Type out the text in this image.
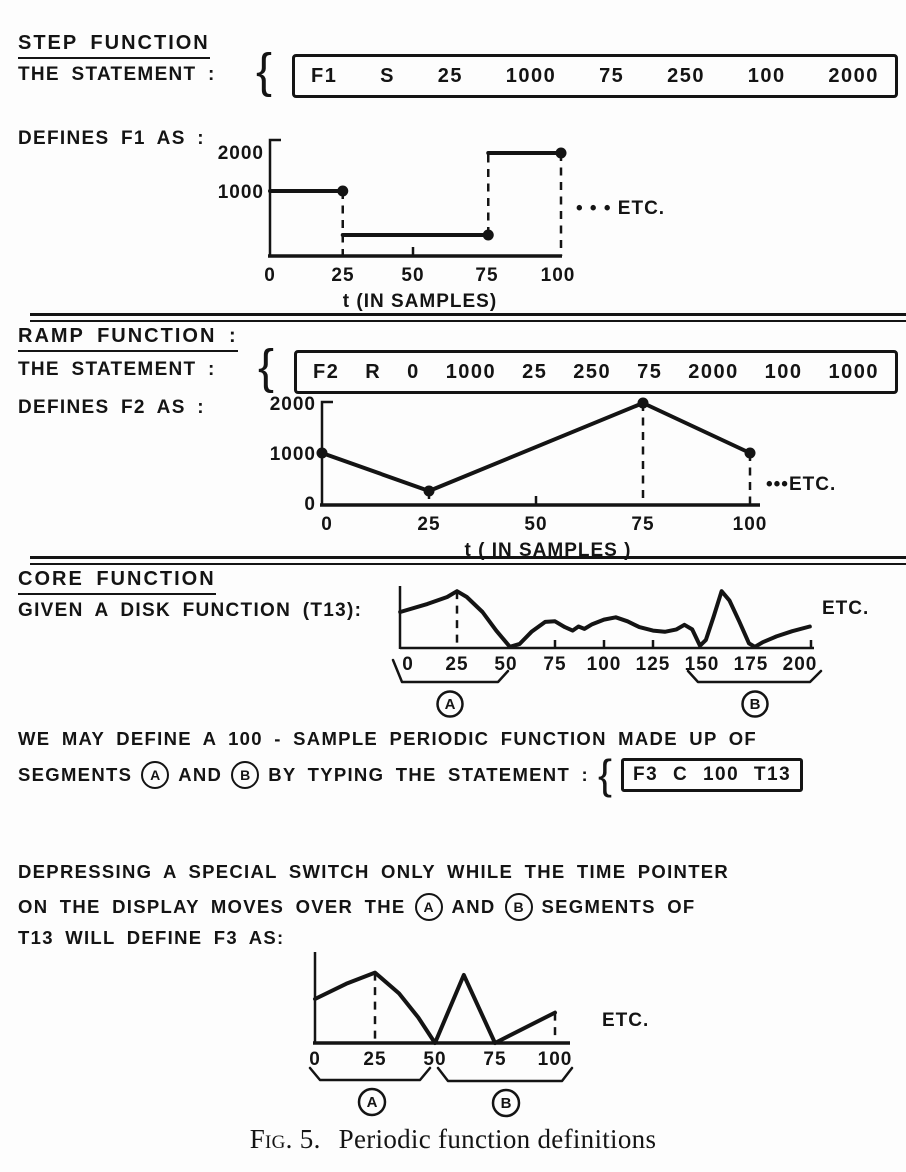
STEP FUNCTION
THE STATEMENT : { F1 S 25 1000 75 250 100 2000
DEFINES F1 AS :
2000
1000
0	25 50	75 100
t (IN SAMPLES)
• • • ETC.
RAMP FUNCTION :
THE STATEMENT : { F2 R 0 1000 25 250 75 2000 100 1000
DEFINES F2 AS :	2000
1000
0
0	25	50	75	100
t ( IN SAMPLES )
•••ETC.
CORE FUNCTION
GIVEN A DISK FUNCTION (T13):
0 25 50 75 100 125 150 175 200
A	B
ETC.
WE MAY DEFINE A 100 - SAMPLE PERIODIC FUNCTION MADE UP OF
SEGMENTS	A AND	B BY TYPING THE STATEMENT : {	F3 C 100 T13
DEPRESSING A SPECIAL SWITCH ONLY WHILE THE TIME POINTER
ON THE DISPLAY MOVES OVER THE	A AND	B SEGMENTS OF
T13 WILL DEFINE F3 AS:
0 25 50 75 100
A	B
ETC.
Fig. 5. Periodic function definitions
